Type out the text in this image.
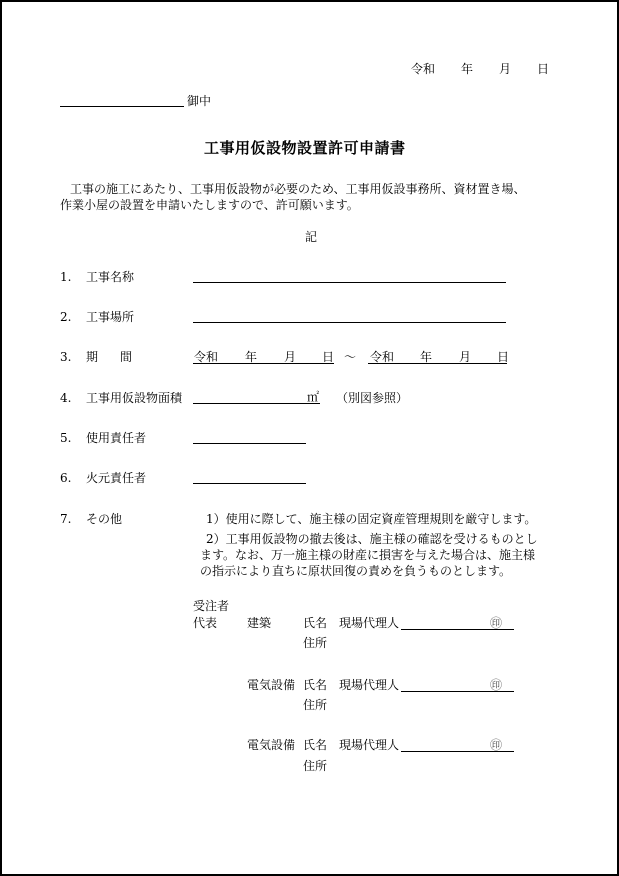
令和 年 月 日
御中
工事用仮設物設置許可申請書
工事の施工にあたり、工事用仮設物が必要のため、工事用仮設事務所、資材置き場、
作業小屋の設置を申請いたしますので、許可願います。
記
1. 工事名称
2. 工事場所
3. 期 間	令和 年 月 日 ～ 令和 年 月 日
4. 工事用仮設物面積	㎡ （別図参照）
5. 使用責任者
6. 火元責任者
7. その他	1）使用に際して、施主様の固定資産管理規則を厳守します。
2）工事用仮設物の撤去後は、施主様の確認を受けるものとし
ます。なお、万一施主様の財産に損害を与えた場合は、施主様
の指示により直ちに原状回復の責めを負うものとします。
受注者
代表 建築	氏名 現場代理人	㊞
住所
電気設備 氏名 現場代理人	㊞
住所
電気設備 氏名 現場代理人	㊞
住所
